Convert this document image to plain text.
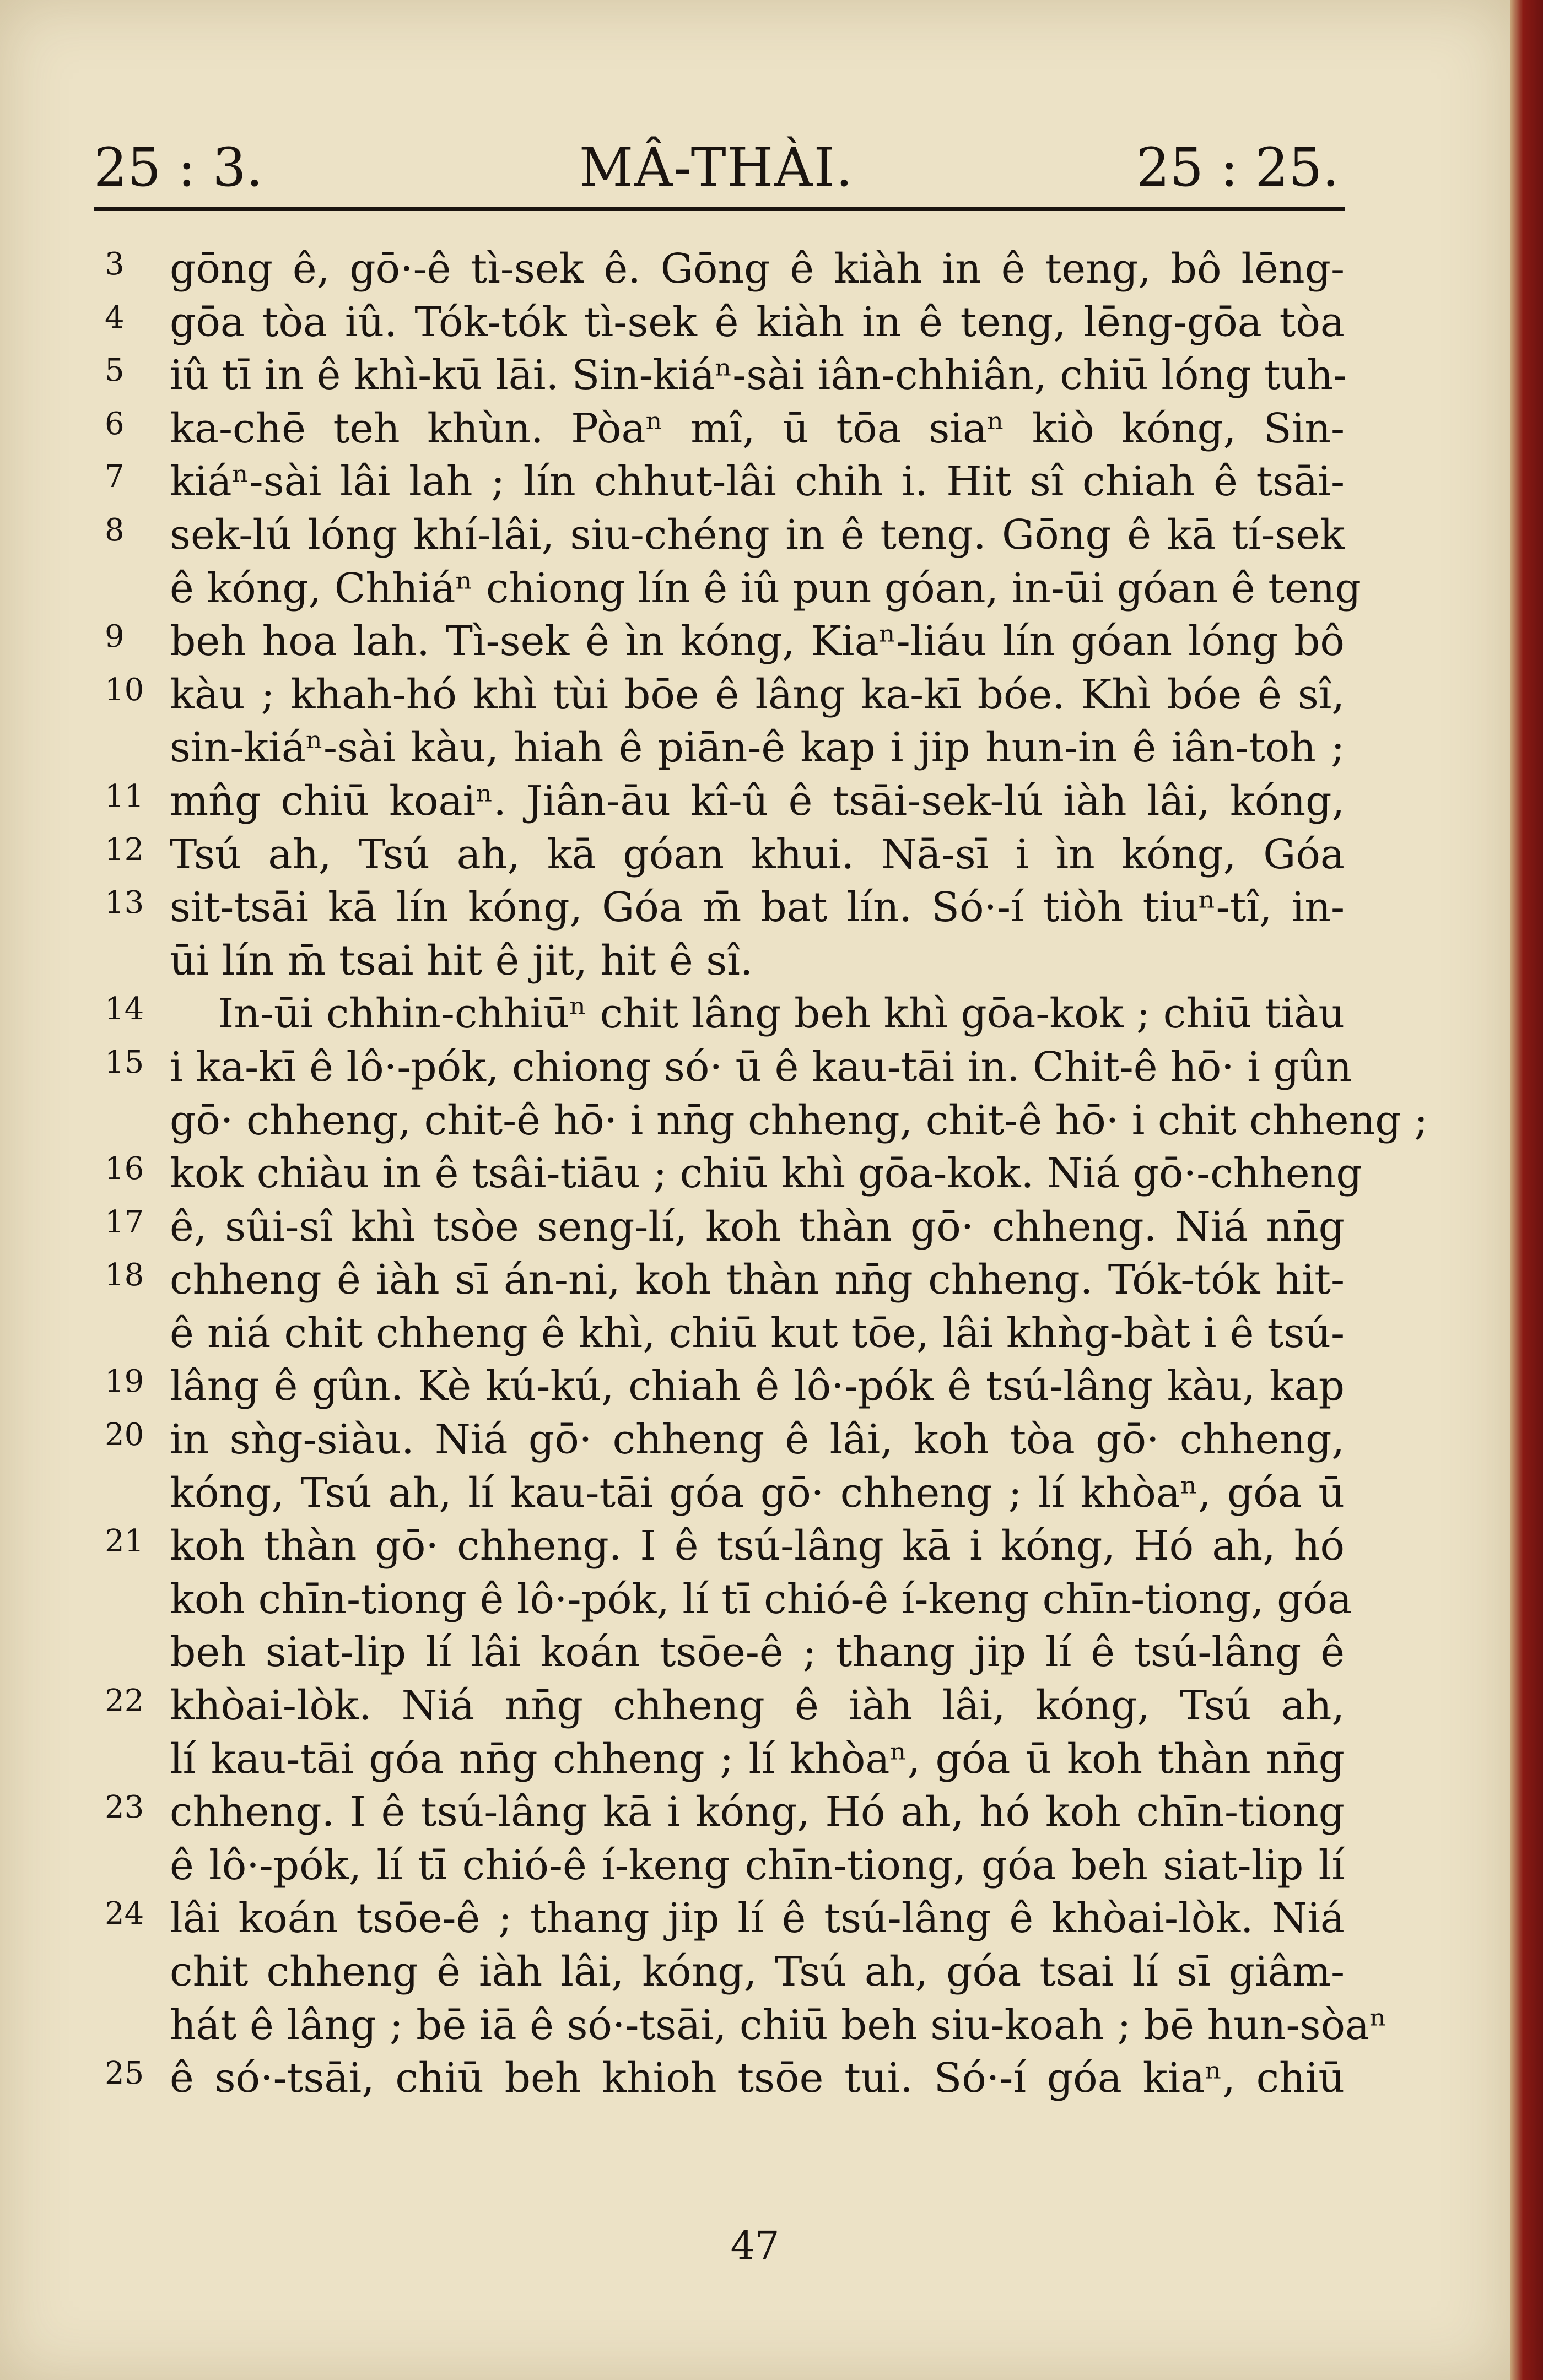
25 : 3.	MÂ-THÀI.	25 : 25.
3	gōng ê, gō·-ê tì-sek ê. Gōng ê kiàh in ê teng, bô lēng-
4	gōa tòa iû. Tók-tók tì-sek ê kiàh in ê teng, lēng-gōa tòa
5	iû tī in ê khì-kū lāi. Sin-kiáⁿ-sài iân-chhiân, chiū lóng tuh-
6	ka-chē teh khùn. Pòaⁿ mî, ū tōa siaⁿ kiò kóng, Sin-
7	kiáⁿ-sài lâi lah ; lín chhut-lâi chih i. Hit sî chiah ê tsāi-
8	sek-lú lóng khí-lâi, siu-chéng in ê teng. Gōng ê kā tí-sek
ê kóng, Chhiáⁿ chiong lín ê iû pun góan, in-ūi góan ê teng
9	beh hoa lah. Tì-sek ê ìn kóng, Kiaⁿ-liáu lín góan lóng bô
10 kàu ; khah-hó khì tùi bōe ê lâng ka-kī bóe. Khì bóe ê sî,
sin-kiáⁿ-sài kàu, hiah ê piān-ê kap i jip hun-in ê iân-toh ;
11 mn̂g chiū koaiⁿ. Jiân-āu kî-û ê tsāi-sek-lú iàh lâi, kóng,
12 Tsú ah, Tsú ah, kā góan khui. Nā-sī i ìn kóng, Góa
13 sit-tsāi kā lín kóng, Góa m̄ bat lín. Só·-í tiòh tiuⁿ-tî, in-
ūi lín m̄ tsai hit ê jit, hit ê sî.
14	In-ūi chhin-chhiūⁿ chit lâng beh khì gōa-kok ; chiū tiàu
15 i ka-kī ê lô·-pók, chiong só· ū ê kau-tāi in. Chit-ê hō· i gûn
gō· chheng, chit-ê hō· i nn̄g chheng, chit-ê hō· i chit chheng ;
16 kok chiàu in ê tsâi-tiāu ; chiū khì gōa-kok. Niá gō·-chheng
17 ê, sûi-sî khì tsòe seng-lí, koh thàn gō· chheng. Niá nn̄g
18 chheng ê iàh sī án-ni, koh thàn nn̄g chheng. Tók-tók hit-
ê niá chit chheng ê khì, chiū kut tōe, lâi khǹg-bàt i ê tsú-
19 lâng ê gûn. Kè kú-kú, chiah ê lô·-pók ê tsú-lâng kàu, kap
20 in sǹg-siàu. Niá gō· chheng ê lâi, koh tòa gō· chheng,
kóng, Tsú ah, lí kau-tāi góa gō· chheng ; lí khòaⁿ, góa ū
21 koh thàn gō· chheng. I ê tsú-lâng kā i kóng, Hó ah, hó
koh chīn-tiong ê lô·-pók, lí tī chió-ê í-keng chīn-tiong, góa
beh siat-lip lí lâi koán tsōe-ê ; thang jip lí ê tsú-lâng ê
22 khòai-lòk. Niá nn̄g chheng ê iàh lâi, kóng, Tsú ah,
lí kau-tāi góa nn̄g chheng ; lí khòaⁿ, góa ū koh thàn nn̄g
23 chheng. I ê tsú-lâng kā i kóng, Hó ah, hó koh chīn-tiong
ê lô·-pók, lí tī chió-ê í-keng chīn-tiong, góa beh siat-lip lí
24 lâi koán tsōe-ê ; thang jip lí ê tsú-lâng ê khòai-lòk. Niá
chit chheng ê iàh lâi, kóng, Tsú ah, góa tsai lí sī giâm-
hát ê lâng ; bē iā ê só·-tsāi, chiū beh siu-koah ; bē hun-sòaⁿ
25 ê só·-tsāi, chiū beh khioh tsōe tui. Só·-í góa kiaⁿ, chiū
47
